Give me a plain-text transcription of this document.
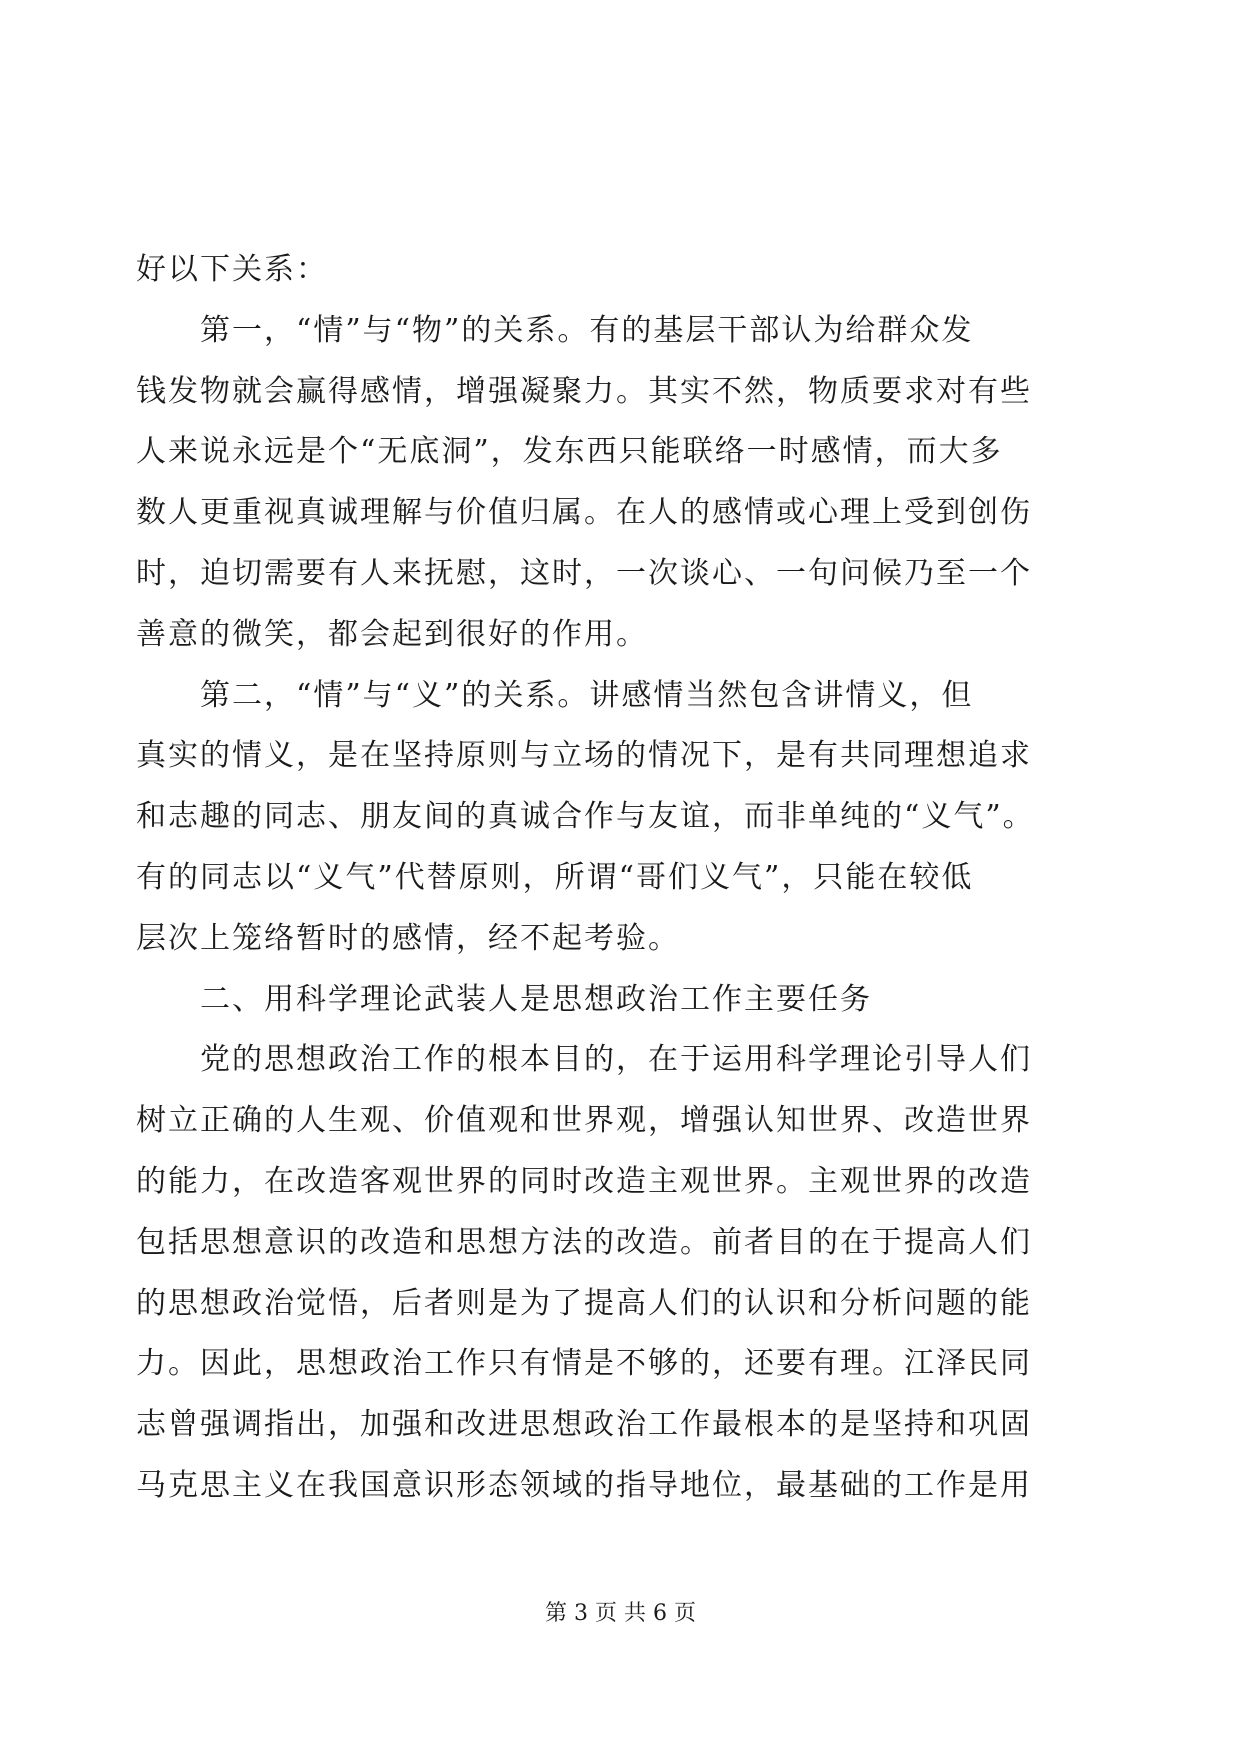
好以下关系：
第一，“情”与“物”的关系。有的基层干部认为给群众发
钱发物就会赢得感情，增强凝聚力。其实不然，物质要求对有些
人来说永远是个“无底洞”，发东西只能联络一时感情，而大多
数人更重视真诚理解与价值归属。在人的感情或心理上受到创伤
时，迫切需要有人来抚慰，这时，一次谈心、一句问候乃至一个
善意的微笑，都会起到很好的作用。
第二，“情”与“义”的关系。讲感情当然包含讲情义，但
真实的情义，是在坚持原则与立场的情况下，是有共同理想追求
和志趣的同志、朋友间的真诚合作与友谊，而非单纯的“义气”。
有的同志以“义气”代替原则，所谓“哥们义气”，只能在较低
层次上笼络暂时的感情，经不起考验。
二、用科学理论武装人是思想政治工作主要任务
党的思想政治工作的根本目的，在于运用科学理论引导人们
树立正确的人生观、价值观和世界观，增强认知世界、改造世界
的能力，在改造客观世界的同时改造主观世界。主观世界的改造
包括思想意识的改造和思想方法的改造。前者目的在于提高人们
的思想政治觉悟，后者则是为了提高人们的认识和分析问题的能
力。因此，思想政治工作只有情是不够的，还要有理。江泽民同
志曾强调指出，加强和改进思想政治工作最根本的是坚持和巩固
马克思主义在我国意识形态领域的指导地位，最基础的工作是用
第 3 页 共 6 页
